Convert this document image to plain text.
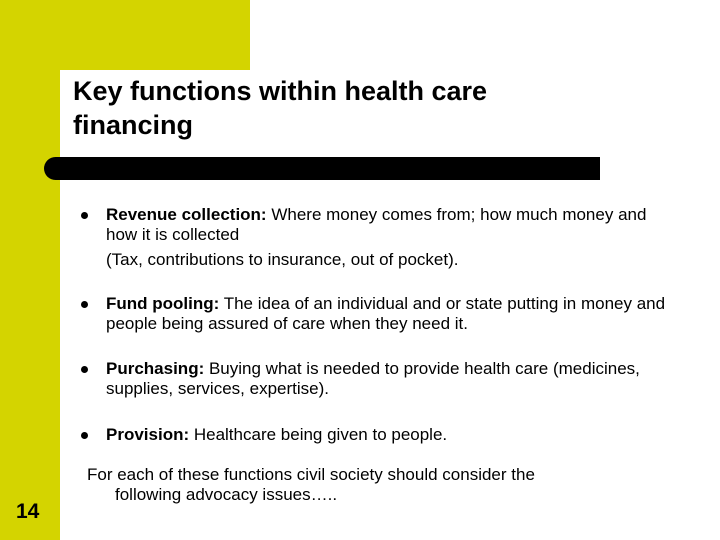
Key functions within health care
financing
Revenue collection: Where money comes from; how much money and how it is collected
(Tax, contributions to insurance, out of pocket).
Fund pooling: The idea of an individual and or state putting in money and people being assured of care when they need it.
Purchasing: Buying what is needed to provide health care (medicines, supplies, services, expertise).
Provision: Healthcare being given to people.
For each of these functions civil society should consider the
following advocacy issues…..
14
